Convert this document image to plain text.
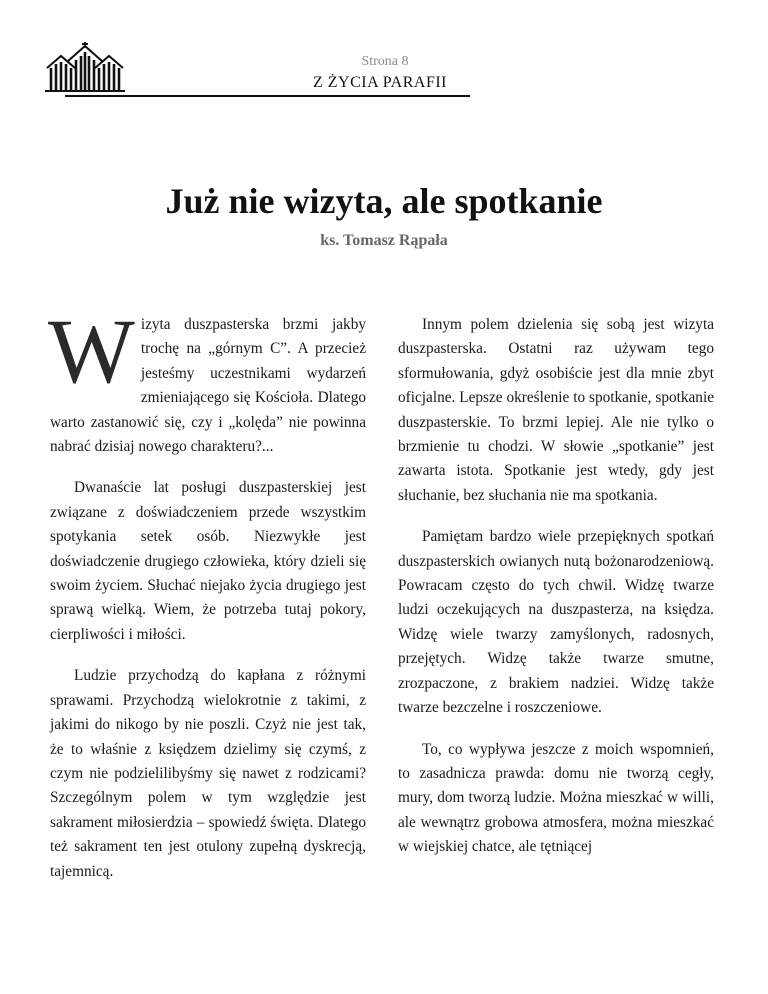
Strona 8
Z ŻYCIA PARAFII
Już nie wizyta, ale spotkanie
ks. Tomasz Rąpała

Wizyta duszpasterska brzmi jakby trochę na „górnym C”. A przecież jesteśmy uczestnikami wydarzeń zmieniającego się Kościoła. Dlatego warto zastanowić się, czy i „kolęda” nie powinna nabrać dzisiaj nowego charakteru?...

Dwanaście lat posługi duszpasterskiej jest związane z doświadczeniem przede wszystkim spotykania setek osób. Niezwykłe jest doświadczenie drugiego człowieka, który dzieli się swoim życiem. Słuchać niejako życia drugiego jest sprawą wielką. Wiem, że potrzeba tutaj pokory, cierpliwości i miłości.

Ludzie przychodzą do kapłana z różnymi sprawami. Przychodzą wielokrotnie z takimi, z jakimi do nikogo by nie poszli. Czyż nie jest tak, że to właśnie z księdzem dzielimy się czymś, z czym nie podzielilibyśmy się nawet z rodzicami? Szczególnym polem w tym względzie jest sakrament miłosierdzia – spowiedź święta. Dlatego też sakrament ten jest otulony zupełną dyskrecją, tajemnicą.

Innym polem dzielenia się sobą jest wizyta duszpasterska. Ostatni raz używam tego sformułowania, gdyż osobiście jest dla mnie zbyt oficjalne. Lepsze określenie to spotkanie, spotkanie duszpasterskie. To brzmi lepiej. Ale nie tylko o brzmienie tu chodzi. W słowie „spotkanie” jest zawarta istota. Spotkanie jest wtedy, gdy jest słuchanie, bez słuchania nie ma spotkania.

Pamiętam bardzo wiele przepięknych spotkań duszpasterskich owianych nutą bożonarodzeniową. Powracam często do tych chwil. Widzę twarze ludzi oczekujących na duszpasterza, na księdza. Widzę wiele twarzy zamyślonych, radosnych, przejętych. Widzę także twarze smutne, zrozpaczone, z brakiem nadziei. Widzę także twarze bezczelne i roszczeniowe.

To, co wypływa jeszcze z moich wspomnień, to zasadnicza prawda: domu nie tworzą cegły, mury, dom tworzą ludzie. Można mieszkać w willi, ale wewnątrz grobowa atmosfera, można mieszkać w wiejskiej chatce, ale tętniącej
